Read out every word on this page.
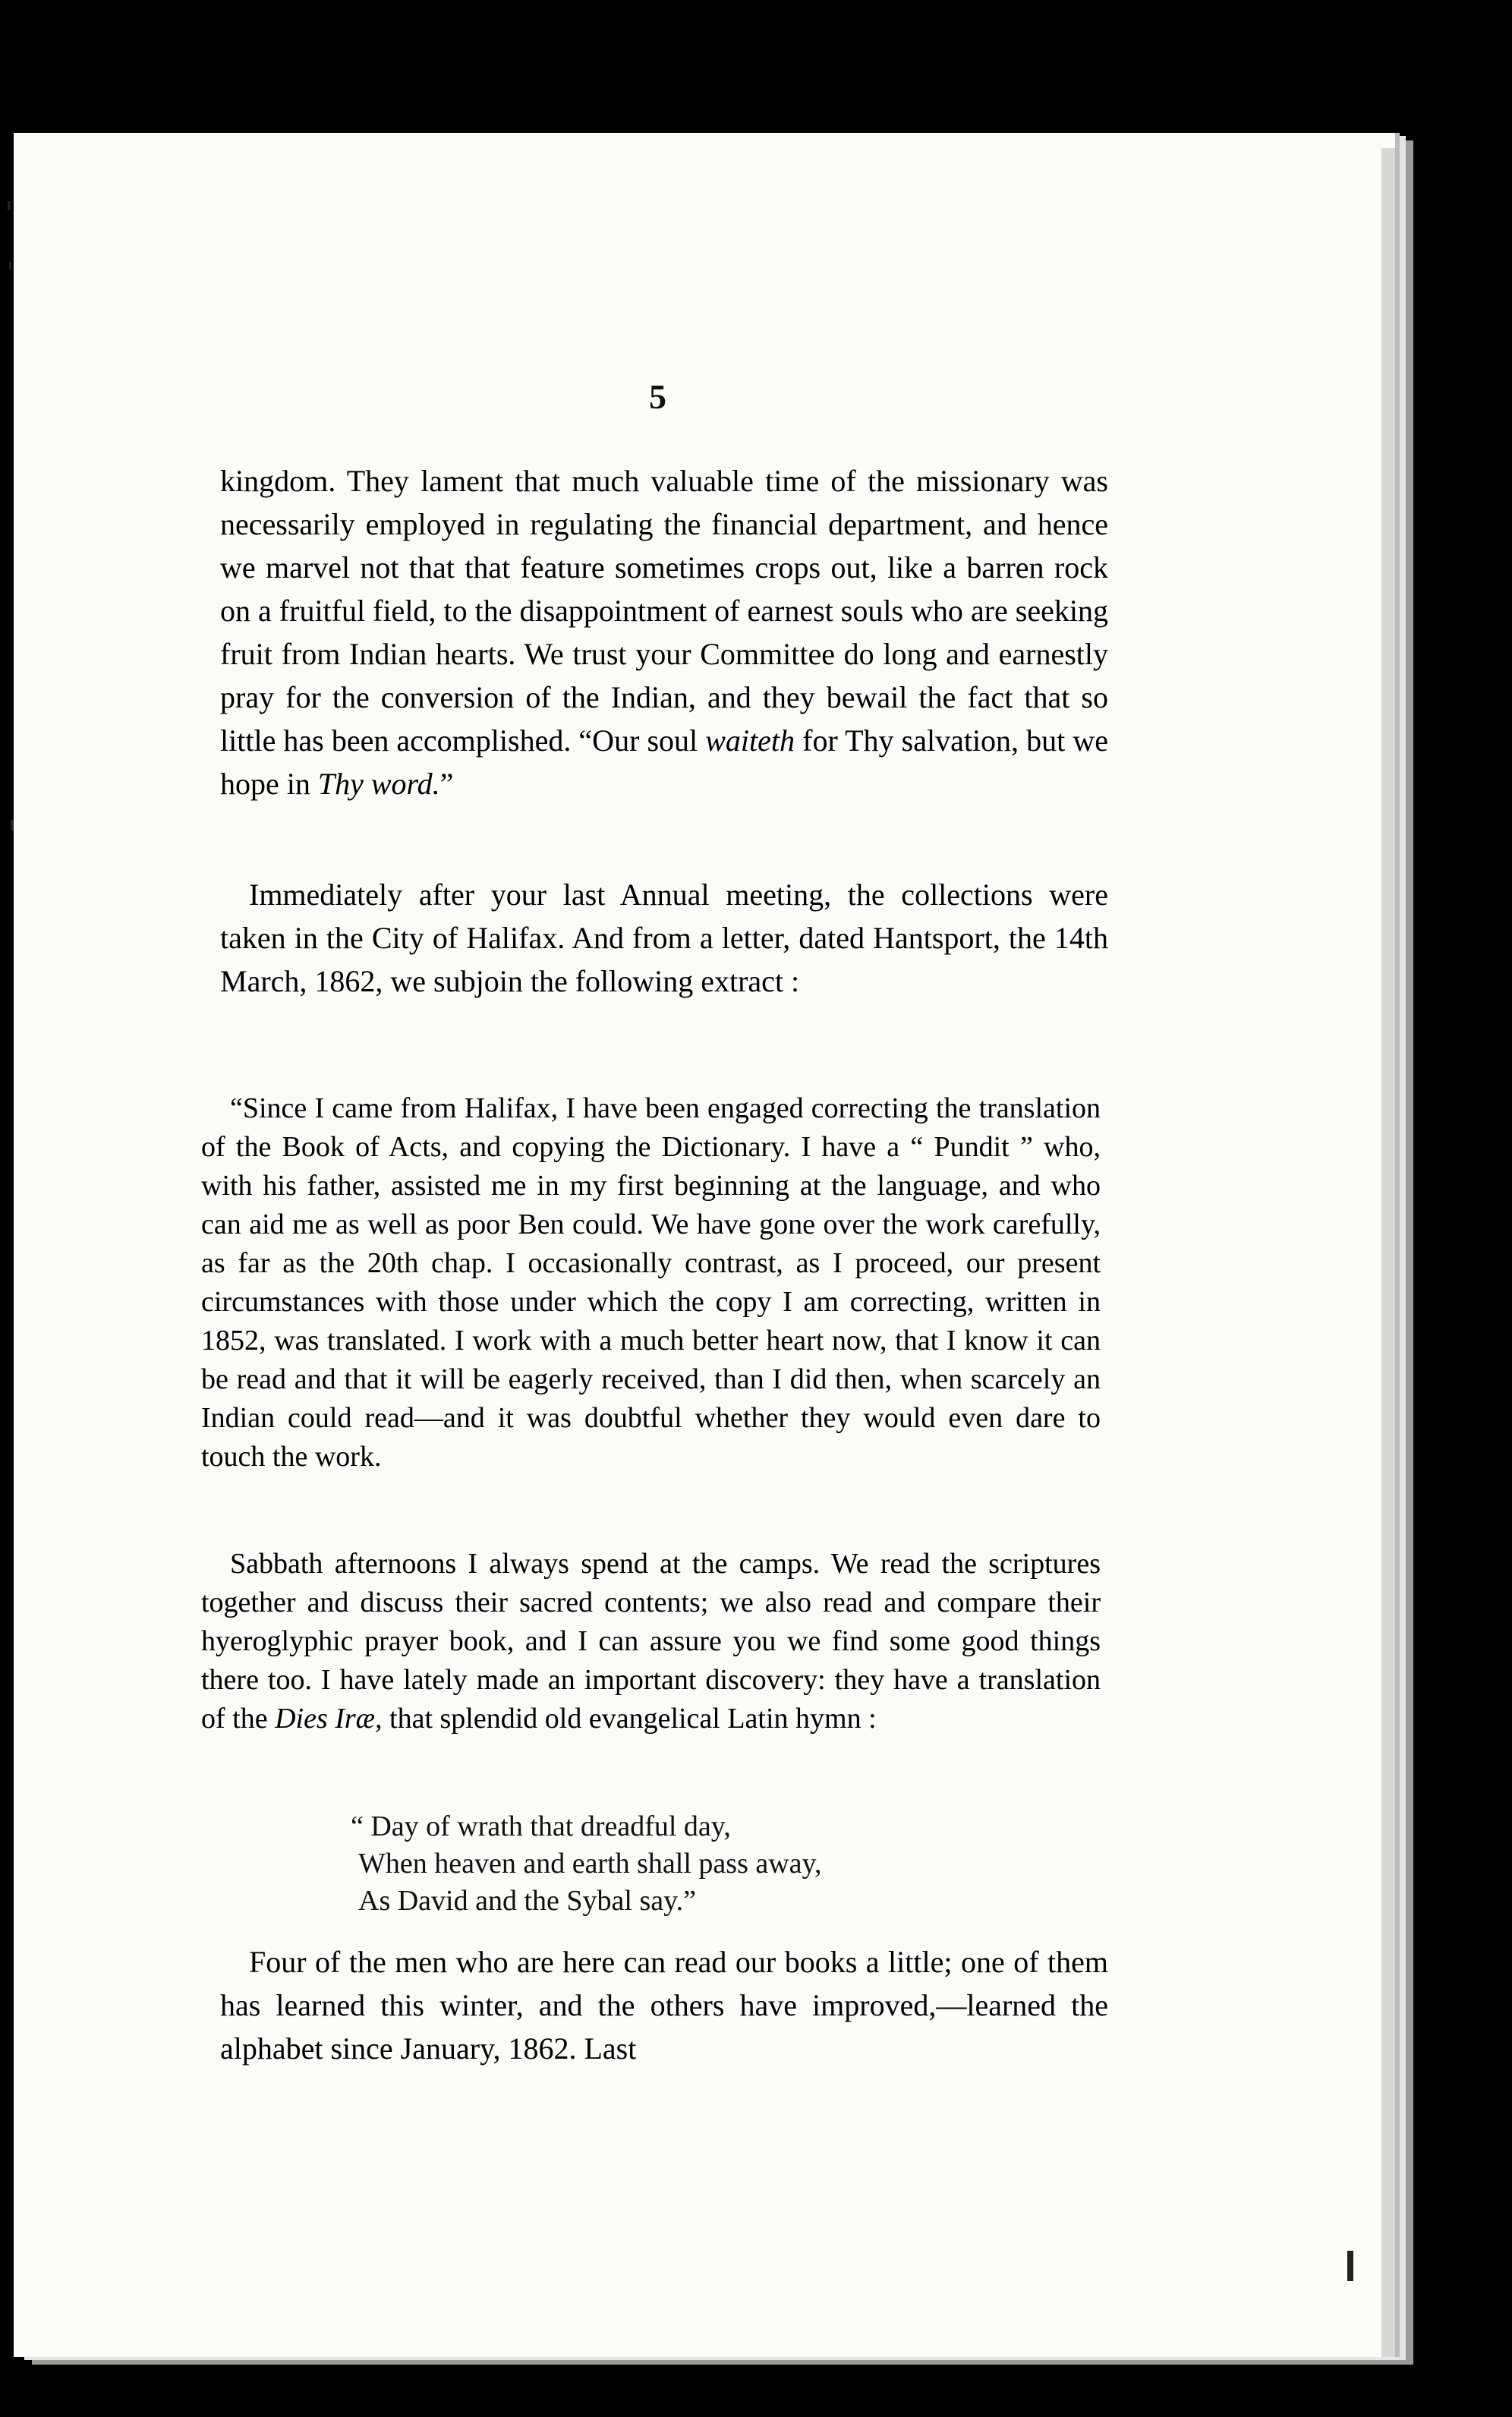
5

kingdom. They lament that much valuable time of the missionary was necessarily employed in regulating the financial department, and hence we marvel not that that feature sometimes crops out, like a barren rock on a fruitful field, to the disappointment of earnest souls who are seeking fruit from Indian hearts. We trust your Committee do long and earnestly pray for the conversion of the Indian, and they bewail the fact that so little has been accomplished. “Our soul waiteth for Thy salvation, but we hope in Thy word.”

Immediately after your last Annual meeting, the collections were taken in the City of Halifax. And from a letter, dated Hantsport, the 14th March, 1862, we subjoin the following extract :

“Since I came from Halifax, I have been engaged correcting the translation of the Book of Acts, and copying the Dictionary. I have a “ Pundit ” who, with his father, assisted me in my first beginning at the language, and who can aid me as well as poor Ben could. We have gone over the work carefully, as far as the 20th chap. I occasionally contrast, as I proceed, our present circumstances with those under which the copy I am correcting, written in 1852, was translated. I work with a much better heart now, that I know it can be read and that it will be eagerly received, than I did then, when scarcely an Indian could read—and it was doubtful whether they would even dare to touch the work.

Sabbath afternoons I always spend at the camps. We read the scriptures together and discuss their sacred contents; we also read and compare their hyeroglyphic prayer book, and I can assure you we find some good things there too. I have lately made an important discovery: they have a translation of the Dies Iræ, that splendid old evangelical Latin hymn :

“ Day of wrath that dreadful day,
When heaven and earth shall pass away,
As David and the Sybal say.”

Four of the men who are here can read our books a little; one of them has learned this winter, and the others have improved,—learned the alphabet since January, 1862. Last
